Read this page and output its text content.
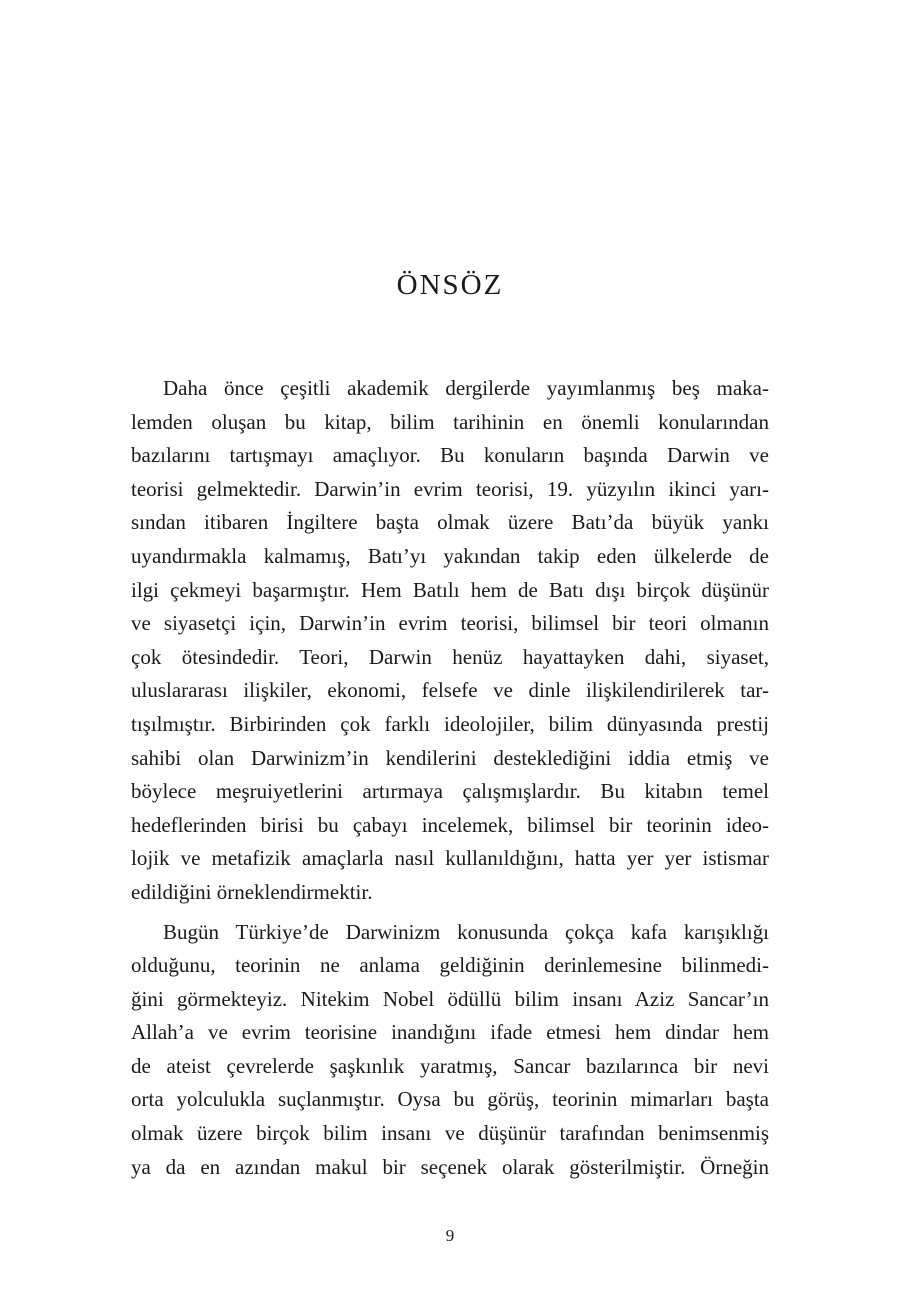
ÖNSÖZ

Daha önce çeşitli akademik dergilerde yayımlanmış beş maka-
lemden oluşan bu kitap, bilim tarihinin en önemli konularından
bazılarını tartışmayı amaçlıyor. Bu konuların başında Darwin ve
teorisi gelmektedir. Darwin’in evrim teorisi, 19. yüzyılın ikinci yarı-
sından itibaren İngiltere başta olmak üzere Batı’da büyük yankı
uyandırmakla kalmamış, Batı’yı yakından takip eden ülkelerde de
ilgi çekmeyi başarmıştır. Hem Batılı hem de Batı dışı birçok düşünür
ve siyasetçi için, Darwin’in evrim teorisi, bilimsel bir teori olmanın
çok ötesindedir. Teori, Darwin henüz hayattayken dahi, siyaset,
uluslararası ilişkiler, ekonomi, felsefe ve dinle ilişkilendirilerek tar-
tışılmıştır. Birbirinden çok farklı ideolojiler, bilim dünyasında prestij
sahibi olan Darwinizm’in kendilerini desteklediğini iddia etmiş ve
böylece meşruiyetlerini artırmaya çalışmışlardır. Bu kitabın temel
hedeflerinden birisi bu çabayı incelemek, bilimsel bir teorinin ideo-
lojik ve metafizik amaçlarla nasıl kullanıldığını, hatta yer yer istismar
edildiğini örneklendirmektir.

Bugün Türkiye’de Darwinizm konusunda çokça kafa karışıklığı
olduğunu, teorinin ne anlama geldiğinin derinlemesine bilinmedi-
ğini görmekteyiz. Nitekim Nobel ödüllü bilim insanı Aziz Sancar’ın
Allah’a ve evrim teorisine inandığını ifade etmesi hem dindar hem
de ateist çevrelerde şaşkınlık yaratmış, Sancar bazılarınca bir nevi
orta yolculukla suçlanmıştır. Oysa bu görüş, teorinin mimarları başta
olmak üzere birçok bilim insanı ve düşünür tarafından benimsenmiş
ya da en azından makul bir seçenek olarak gösterilmiştir. Örneğin

9
